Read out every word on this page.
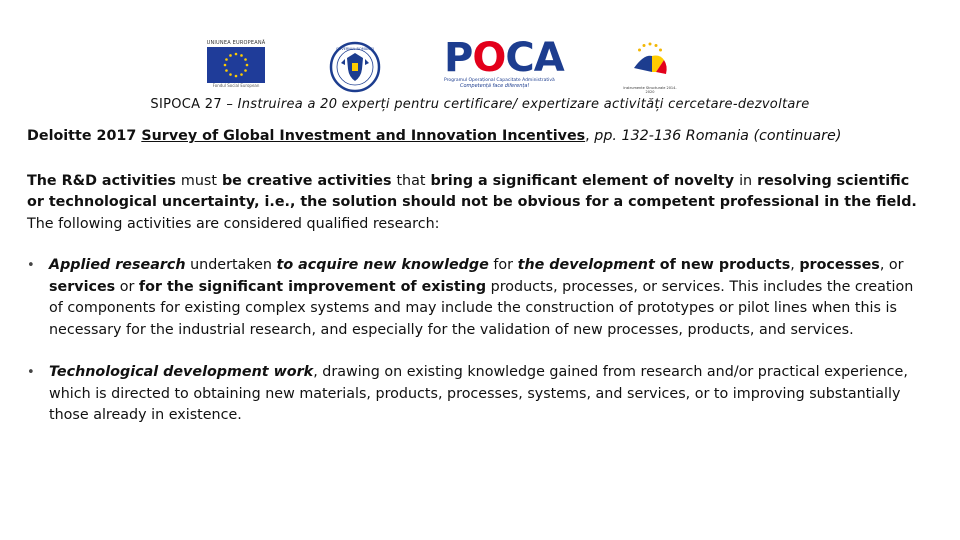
UNIUNEA EUROPEANĂ
Fondul Social European
GUVERNUL ROMÂNIEI POCA
Programul Operațional Capacitate Administrativă
Competență face diferența!	Instrumente Structurale 2014-2020
SIPOCA 27 – Instruirea a 20 experți pentru certificare/ expertizare activități cercetare-dezvoltare

Deloitte 2017 Survey of Global Investment and Innovation Incentives, pp. 132-136 Romania (continuare)

The R&D activities must be creative activities that bring a significant element of novelty in resolving scientific or technological uncertainty, i.e., the solution should not be obvious for a competent professional in the field. The following activities are considered qualified research:

• Applied research undertaken to acquire new knowledge for the development of new products, processes, or services or for the significant improvement of existing products, processes, or services. This includes the creation of components for existing complex systems and may include the construction of prototypes or pilot lines when this is necessary for the industrial research, and especially for the validation of new processes, products, and services.
• Technological development work, drawing on existing knowledge gained from research and/or practical experience, which is directed to obtaining new materials, products, processes, systems, and services, or to improving substantially those already in existence.
